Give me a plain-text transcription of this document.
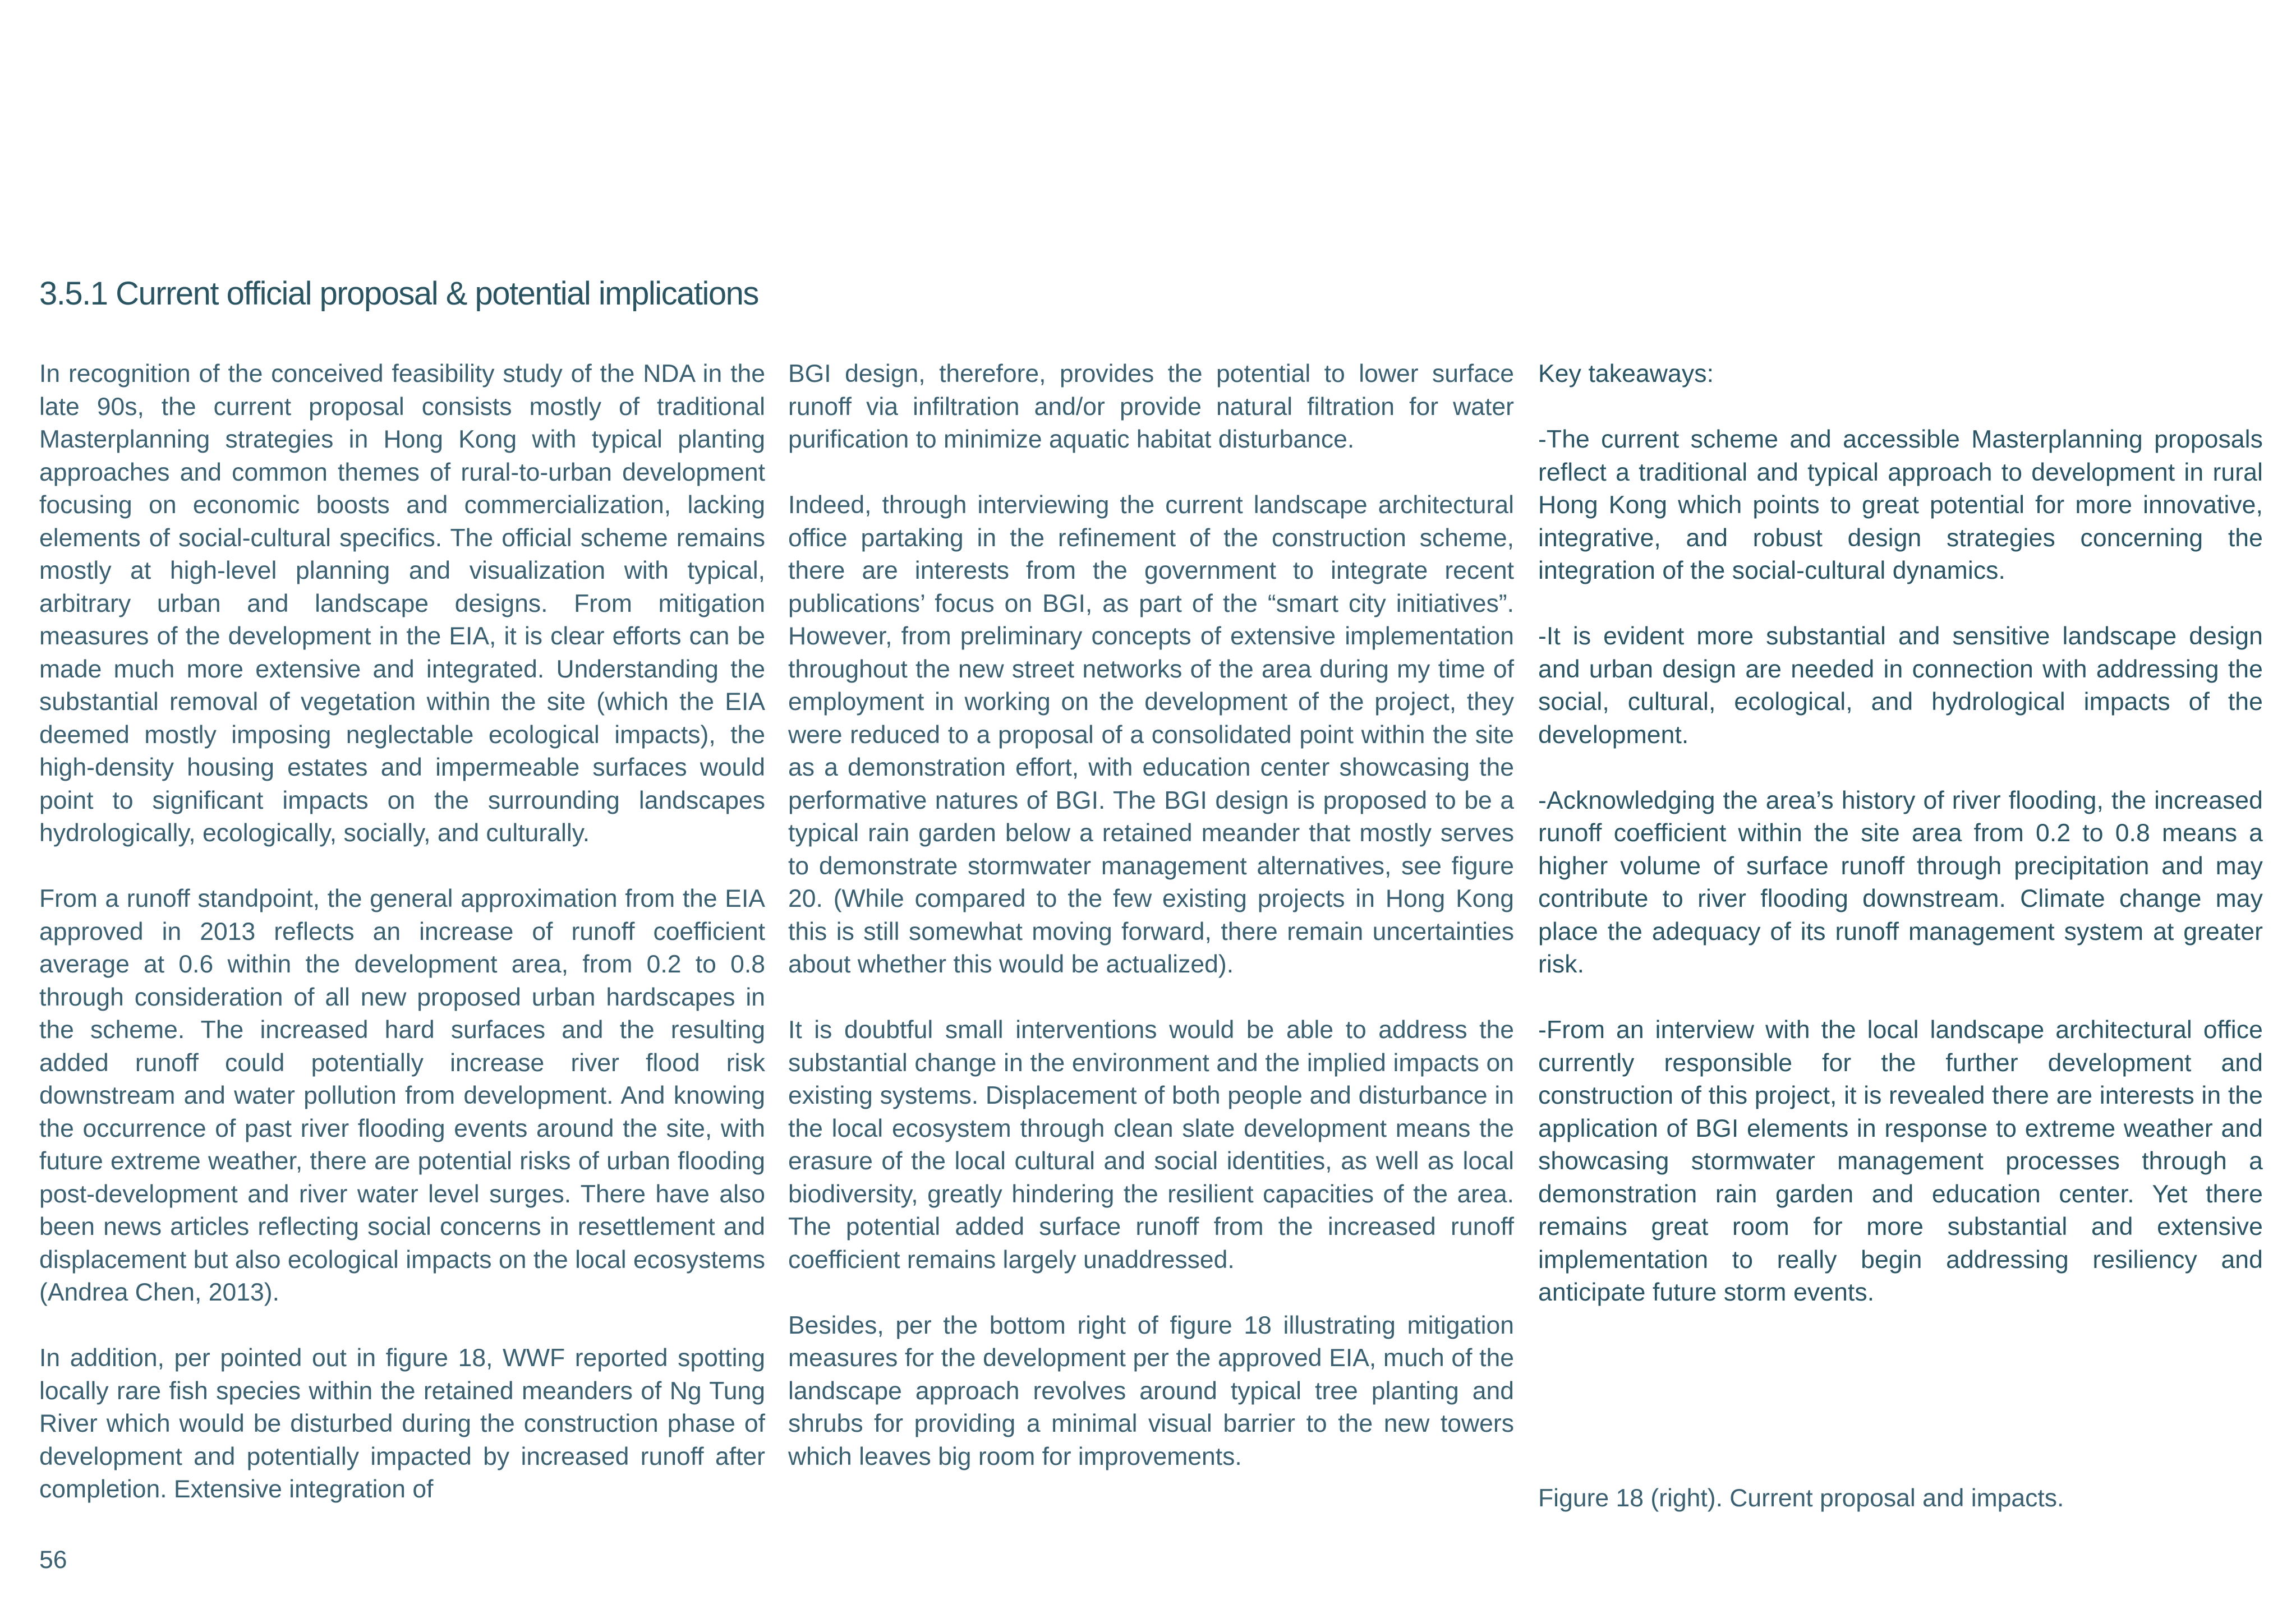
3.5.1 Current official proposal & potential implications

In recognition of the conceived feasibility study of the NDA in the late 90s, the current proposal consists mostly of traditional Masterplanning strategies in Hong Kong with typical planting approaches and common themes of rural-to-urban development focusing on economic boosts and commercialization, lacking elements of social-cultural specifics. The official scheme remains mostly at high-level planning and visualization with typical, arbitrary urban and landscape designs. From mitigation measures of the development in the EIA, it is clear efforts can be made much more extensive and integrated. Understanding the substantial removal of vegetation within the site (which the EIA deemed mostly imposing neglectable ecological impacts), the high-density housing estates and impermeable surfaces would point to significant impacts on the surrounding landscapes hydrologically, ecologically, socially, and culturally.

From a runoff standpoint, the general approximation from the EIA approved in 2013 reflects an increase of runoff coefficient average at 0.6 within the development area, from 0.2 to 0.8 through consideration of all new proposed urban hardscapes in the scheme. The increased hard surfaces and the resulting added runoff could potentially increase river flood risk downstream and water pollution from development. And knowing the occurrence of past river flooding events around the site, with future extreme weather, there are potential risks of urban flooding post-development and river water level surges. There have also been news articles reflecting social concerns in resettlement and displacement but also ecological impacts on the local ecosystems (Andrea Chen, 2013).

In addition, per pointed out in figure 18, WWF reported spotting locally rare fish species within the retained meanders of Ng Tung River which would be disturbed during the construction phase of development and potentially impacted by increased runoff after completion. Extensive integration of

BGI design, therefore, provides the potential to lower surface runoff via infiltration and/or provide natural filtration for water purification to minimize aquatic habitat disturbance.

Indeed, through interviewing the current landscape architectural office partaking in the refinement of the construction scheme, there are interests from the government to integrate recent publications’ focus on BGI, as part of the “smart city initiatives”. However, from preliminary concepts of extensive implementation throughout the new street networks of the area during my time of employment in working on the development of the project, they were reduced to a proposal of a consolidated point within the site as a demonstration effort, with education center showcasing the performative natures of BGI. The BGI design is proposed to be a typical rain garden below a retained meander that mostly serves to demonstrate stormwater management alternatives, see figure 20. (While compared to the few existing projects in Hong Kong this is still somewhat moving forward, there remain uncertainties about whether this would be actualized).

It is doubtful small interventions would be able to address the substantial change in the environment and the implied impacts on existing systems. Displacement of both people and disturbance in the local ecosystem through clean slate development means the erasure of the local cultural and social identities, as well as local biodiversity, greatly hindering the resilient capacities of the area. The potential added surface runoff from the increased runoff coefficient remains largely unaddressed.

Besides, per the bottom right of figure 18 illustrating mitigation measures for the development per the approved EIA, much of the landscape approach revolves around typical tree planting and shrubs for providing a minimal visual barrier to the new towers which leaves big room for improvements.

Key takeaways:

-The current scheme and accessible Masterplanning proposals reflect a traditional and typical approach to development in rural Hong Kong which points to great potential for more innovative, integrative, and robust design strategies concerning the integration of the social-cultural dynamics.

-It is evident more substantial and sensitive landscape design and urban design are needed in connection with addressing the social, cultural, ecological, and hydrological impacts of the development.

-Acknowledging the area’s history of river flooding, the increased runoff coefficient within the site area from 0.2 to 0.8 means a higher volume of surface runoff through precipitation and may contribute to river flooding downstream. Climate change may place the adequacy of its runoff management system at greater risk.

-From an interview with the local landscape architectural office currently responsible for the further development and construction of this project, it is revealed there are interests in the application of BGI elements in response to extreme weather and showcasing stormwater management processes through a demonstration rain garden and education center. Yet there remains great room for more substantial and extensive implementation to really begin addressing resiliency and anticipate future storm events.

Figure 18 (right). Current proposal and impacts.

56
